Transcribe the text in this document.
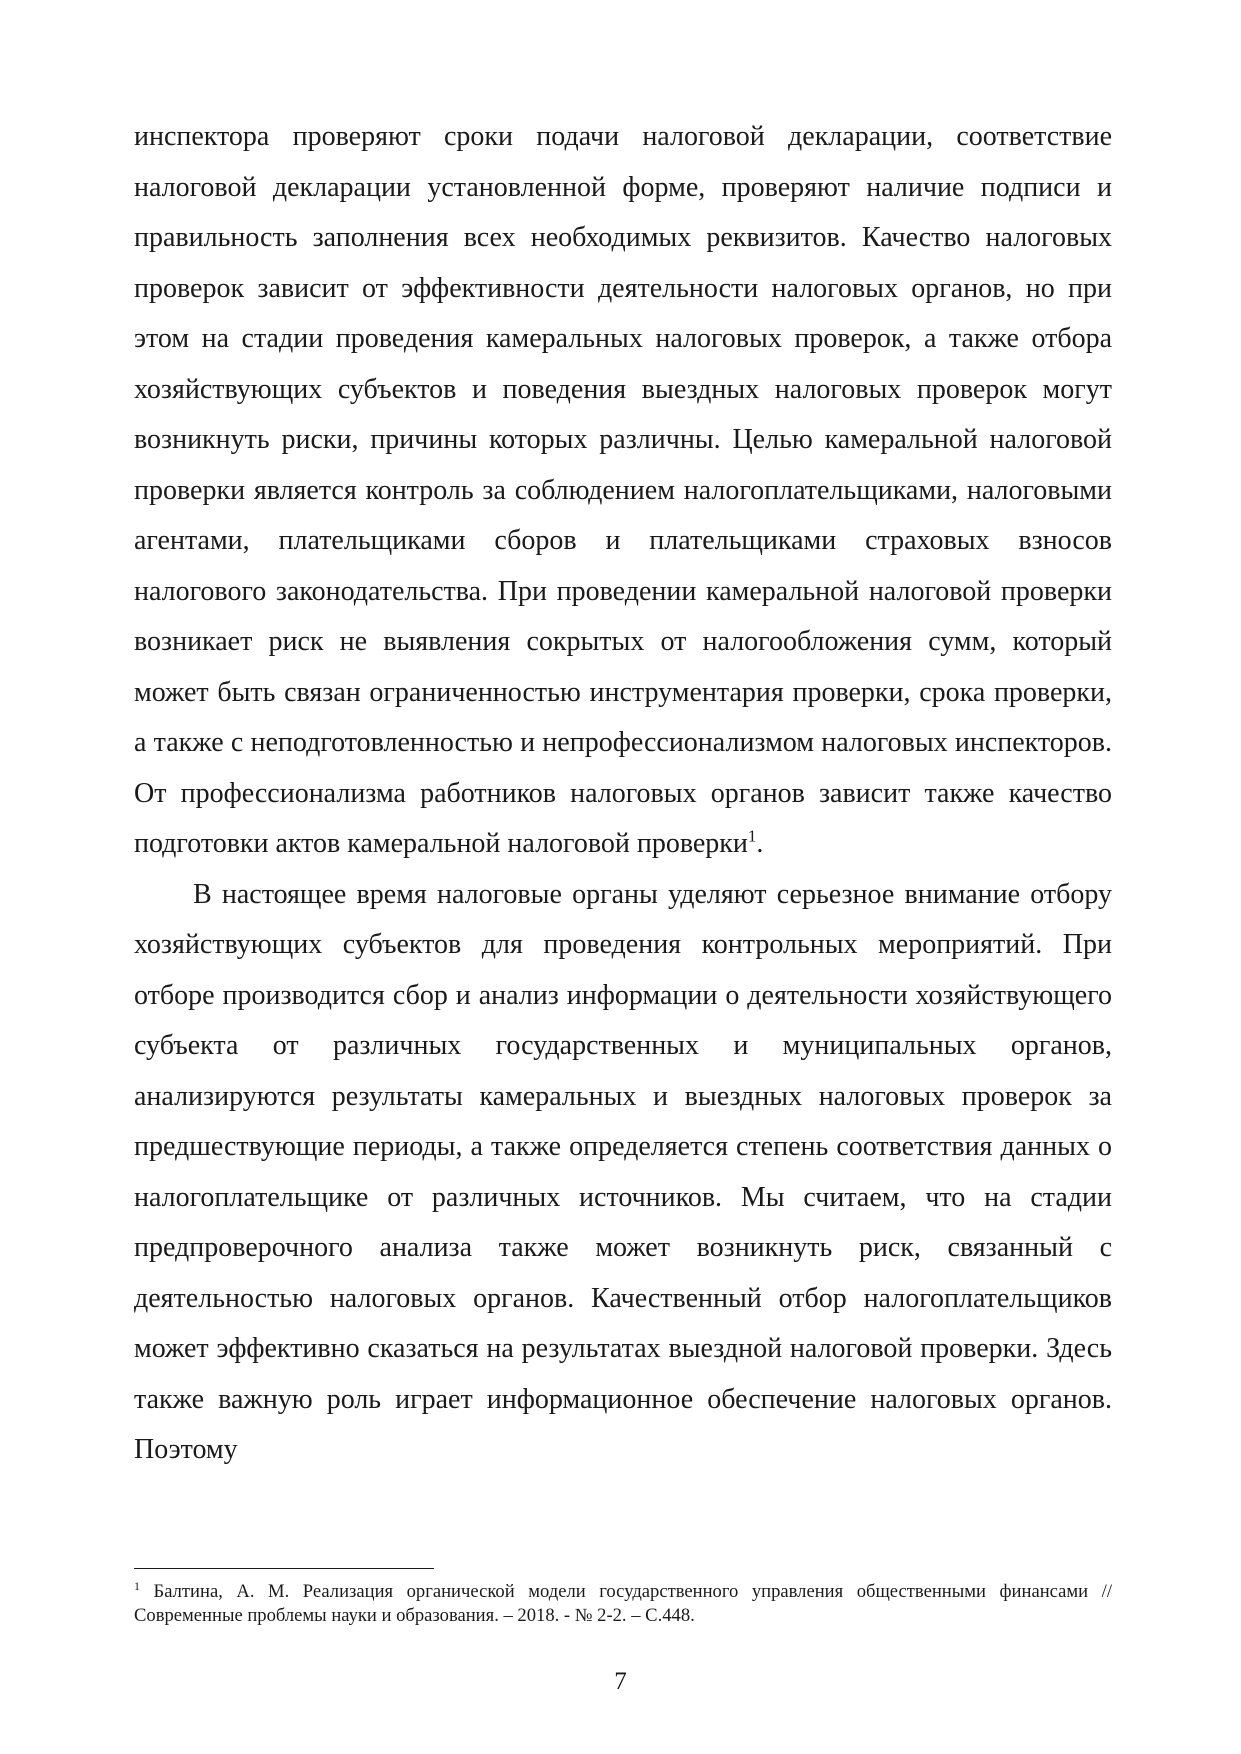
инспектора проверяют сроки подачи налоговой декларации, соответствие налоговой декларации установленной форме, проверяют наличие подписи и правильность заполнения всех необходимых реквизитов. Качество налоговых проверок зависит от эффективности деятельности налоговых органов, но при этом на стадии проведения камеральных налоговых проверок, а также отбора хозяйствующих субъектов и поведения выездных налоговых проверок могут возникнуть риски, причины которых различны. Целью камеральной налоговой проверки является контроль за соблюдением налогоплательщиками, налоговыми агентами, плательщиками сборов и плательщиками страховых взносов налогового законодательства. При проведении камеральной налоговой проверки возникает риск не выявления сокрытых от налогообложения сумм, который может быть связан ограниченностью инструментария проверки, срока проверки, а также с неподготовленностью и непрофессионализмом налоговых инспекторов. От профессионализма работников налоговых органов зависит также качество подготовки актов камеральной налоговой проверки$^1$.

В настоящее время налоговые органы уделяют серьезное внимание отбору хозяйствующих субъектов для проведения контрольных мероприятий. При отборе производится сбор и анализ информации о деятельности хозяйствующего субъекта от различных государственных и муниципальных органов, анализируются результаты камеральных и выездных налоговых проверок за предшествующие периоды, а также определяется степень соответствия данных о налогоплательщике от различных источников. Мы считаем, что на стадии предпроверочного анализа также может возникнуть риск, связанный с деятельностью налоговых органов. Качественный отбор налогоплательщиков может эффективно сказаться на результатах выездной налоговой проверки. Здесь также важную роль играет информационное обеспечение налоговых органов. Поэтому

$^1$ Балтина, А. М. Реализация органической модели государственного управления общественными финансами // Современные проблемы науки и образования. – 2018. - № 2-2. – С.448.
7
